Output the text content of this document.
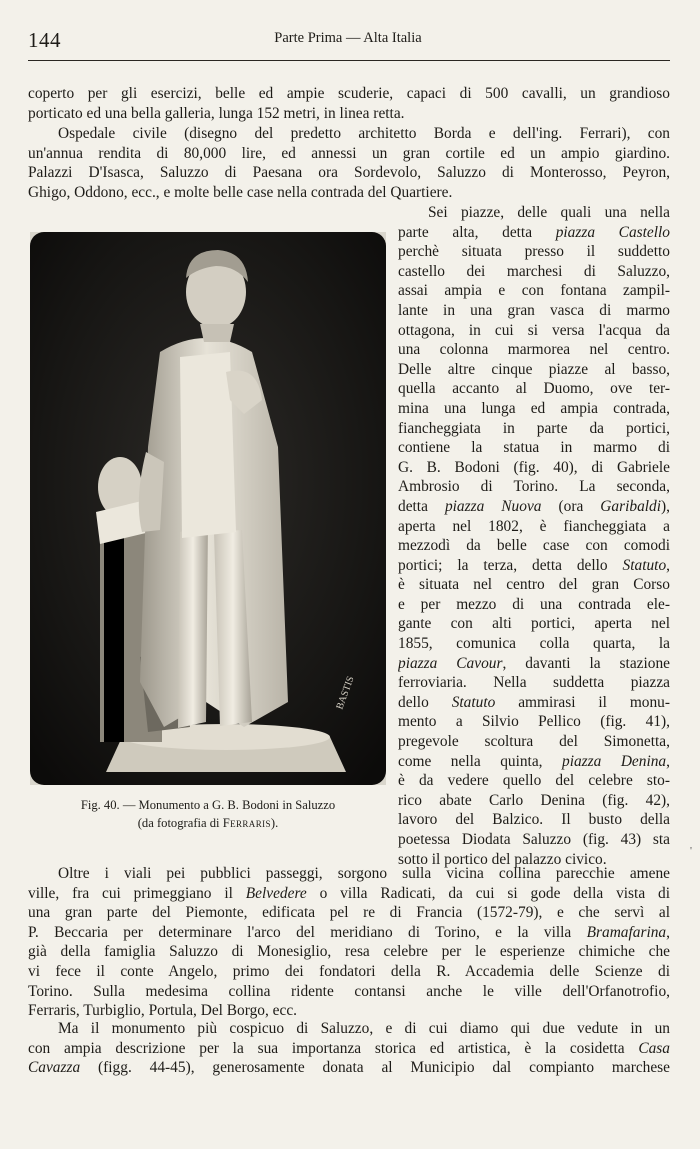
144	Parte Prima — Alta Italia
coperto per gli esercizi, belle ed ampie scuderie, capaci di 500 cavalli, un grandioso
porticato ed una bella galleria, lunga 152 metri, in linea retta.
Ospedale civile (disegno del predetto architetto Borda e dell'ing. Ferrari), con
un'annua rendita di 80,000 lire, ed annessi un gran cortile ed un ampio giardino.
Palazzi D'Isasca, Saluzzo di Paesana ora Sordevolo, Saluzzo di Monterosso, Peyron,
Ghigo, Oddono, ecc., e molte belle case nella contrada del Quartiere.
Sei piazze, delle quali una nella
parte alta, detta piazza Castello
perchè situata presso il suddetto
castello dei marchesi di Saluzzo,
assai ampia e con fontana zampil-
lante in una gran vasca di marmo
ottagona, in cui si versa l'acqua da
una colonna marmorea nel centro.
Delle altre cinque piazze al basso,
quella accanto al Duomo, ove ter-
mina una lunga ed ampia contrada,
fiancheggiata in parte da portici,
contiene la statua in marmo di
G. B. Bodoni (fig. 40), di Gabriele
Ambrosio di Torino. La seconda,
detta piazza Nuova (ora Garibaldi),
aperta nel 1802, è fiancheggiata a
mezzodì da belle case con comodi
portici; la terza, detta dello Statuto,
è situata nel centro del gran Corso
e per mezzo di una contrada ele-
gante con alti portici, aperta nel
1855, comunica colla quarta, la
piazza Cavour, davanti la stazione
ferroviaria. Nella suddetta piazza
dello Statuto ammirasi il monu-
mento a Silvio Pellico (fig. 41),
pregevole scoltura del Simonetta,
come nella quinta, piazza Denina,
è da vedere quello del celebre sto-
rico abate Carlo Denina (fig. 42),
lavoro del Balzico. Il busto della
poetessa Diodata Saluzzo (fig. 43) sta
sotto il portico del palazzo civico.
BASTIS
Fig. 40. — Monumento a G. B. Bodoni in Saluzzo
(da fotografia di Ferraris).
Oltre i viali pei pubblici passeggi, sorgono sulla vicina collina parecchie amene
ville, fra cui primeggiano il Belvedere o villa Radicati, da cui si gode della vista di
una gran parte del Piemonte, edificata pel re di Francia (1572-79), e che servì al
P. Beccaria per determinare l'arco del meridiano di Torino, e la villa Bramafarina,
già della famiglia Saluzzo di Monesiglio, resa celebre per le esperienze chimiche che
vi fece il conte Angelo, primo dei fondatori della R. Accademia delle Scienze di
Torino. Sulla medesima collina ridente contansi anche le ville dell'Orfanotrofio,
Ferraris, Turbiglio, Portula, Del Borgo, ecc.
Ma il monumento più cospicuo di Saluzzo, e di cui diamo qui due vedute in un
con ampia descrizione per la sua importanza storica ed artistica, è la cosidetta Casa
Cavazza (figg. 44-45), generosamente donata al Municipio dal compianto marchese
'
